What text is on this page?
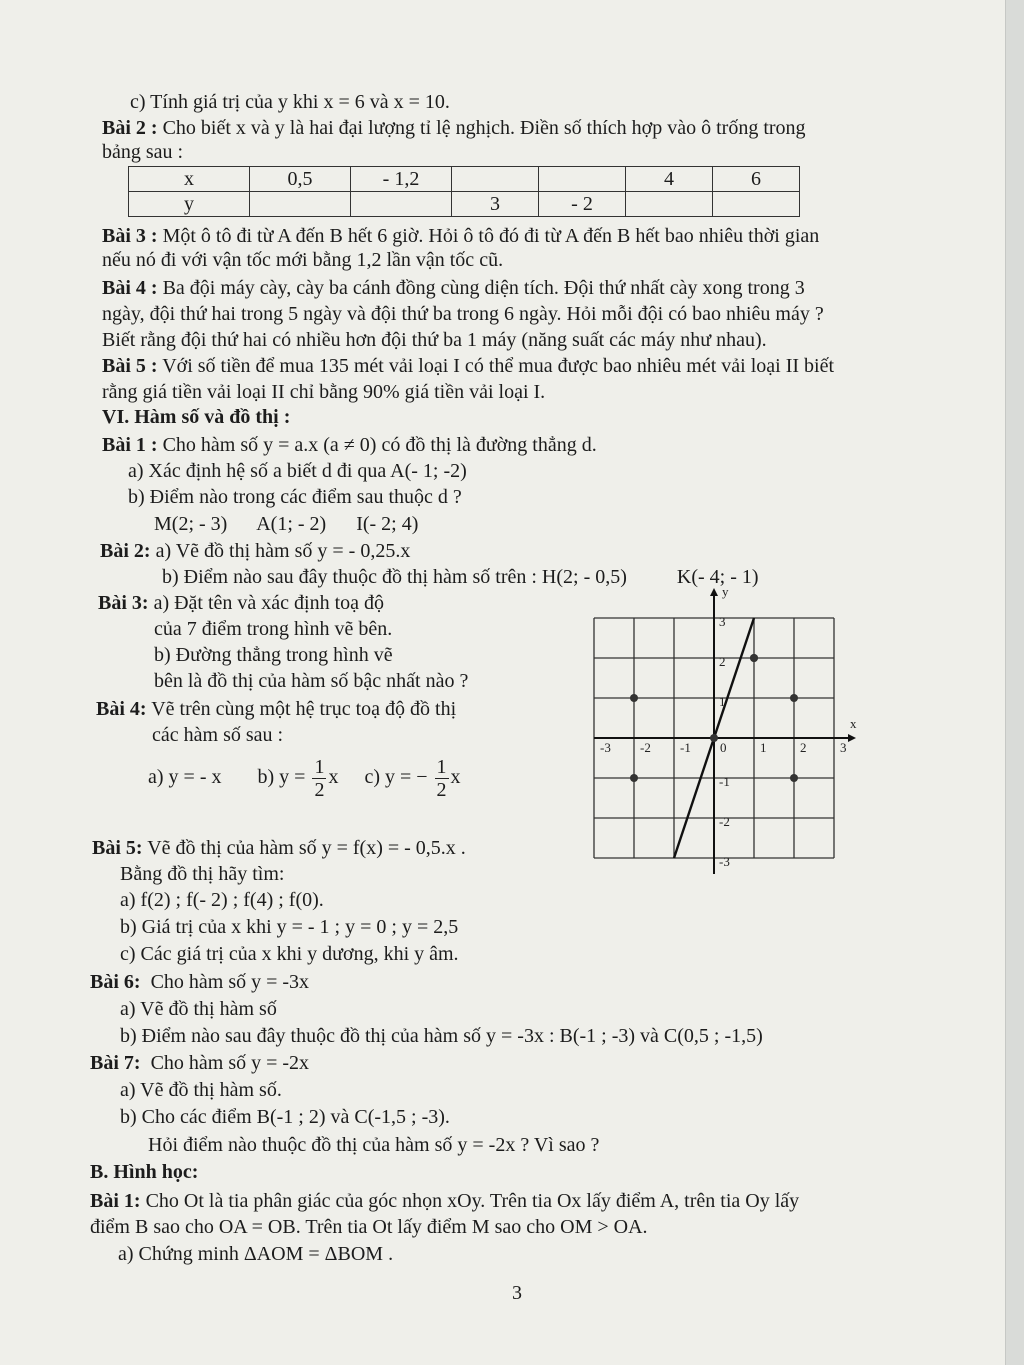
c) Tính giá trị của y khi x = 6 và x = 10.
Bài 2 : Cho biết x và y là hai đại lượng tỉ lệ nghịch. Điền số thích hợp vào ô trống trong
bảng sau :
x	0,5	- 1,2			4	6
y			3	- 2		
Bài 3 : Một ô tô đi từ A đến B hết 6 giờ. Hỏi ô tô đó đi từ A đến B hết bao nhiêu thời gian
nếu nó đi với vận tốc mới bằng 1,2 lần vận tốc cũ.
Bài 4 : Ba đội máy cày, cày ba cánh đồng cùng diện tích. Đội thứ nhất cày xong trong 3
ngày, đội thứ hai trong 5 ngày và đội thứ ba trong 6 ngày. Hỏi mỗi đội có bao nhiêu máy ?
Biết rằng đội thứ hai có nhiều hơn đội thứ ba 1 máy (năng suất các máy như nhau).
Bài 5 : Với số tiền để mua 135 mét vải loại I có thể mua được bao nhiêu mét vải loại II biết
rằng giá tiền vải loại II chỉ bằng 90% giá tiền vải loại I.
VI. Hàm số và đồ thị :
Bài 1 : Cho hàm số y = a.x (a ≠ 0) có đồ thị là đường thẳng d.
a) Xác định hệ số a biết d đi qua A(- 1; -2)
b) Điểm nào trong các điểm sau thuộc d ?
M(2; - 3)      A(1; - 2)      I(- 2; 4)
Bài 2: a) Vẽ đồ thị hàm số y = - 0,25.x
b) Điểm nào sau đây thuộc đồ thị hàm số trên : H(2; - 0,5)          K(- 4; - 1)
Bài 3: a) Đặt tên và xác định toạ độ
của 7 điểm trong hình vẽ bên.
b) Đường thẳng trong hình vẽ
bên là đồ thị của hàm số bậc nhất nào ?
Bài 4: Vẽ trên cùng một hệ trục toạ độ đồ thị
các hàm số sau :
a) y = - x b) $y = \frac{1}{2}$ x c) y = − $\frac{1}{2}$ x
Bài 5: Vẽ đồ thị của hàm số y = f(x) = - 0,5.x .
Bằng đồ thị hãy tìm:
a) f(2) ; f(- 2) ; f(4) ; f(0).
b) Giá trị của x khi y = - 1 ; y = 0 ; y = 2,5
c) Các giá trị của x khi y dương, khi y âm.
Bài 6:  Cho hàm số y = -3x
a) Vẽ đồ thị hàm số
b) Điểm nào sau đây thuộc đồ thị của hàm số y = -3x : B(-1 ; -3) và C(0,5 ; -1,5)
Bài 7:  Cho hàm số y = -2x
a) Vẽ đồ thị hàm số.
b) Cho các điểm B(-1 ; 2) và C(-1,5 ; -3).
Hỏi điểm nào thuộc đồ thị của hàm số y = -2x ? Vì sao ?
B. Hình học:
Bài 1: Cho Ot là tia phân giác của góc nhọn xOy. Trên tia Ox lấy điểm A, trên tia Oy lấy
điểm B sao cho OA = OB. Trên tia Ot lấy điểm M sao cho OM > OA.
a) Chứng minh ΔAOM = ΔBOM .
3
-3 -2 -1 0	1	2	3
3
2
1
-1
-2
-3
x
y
